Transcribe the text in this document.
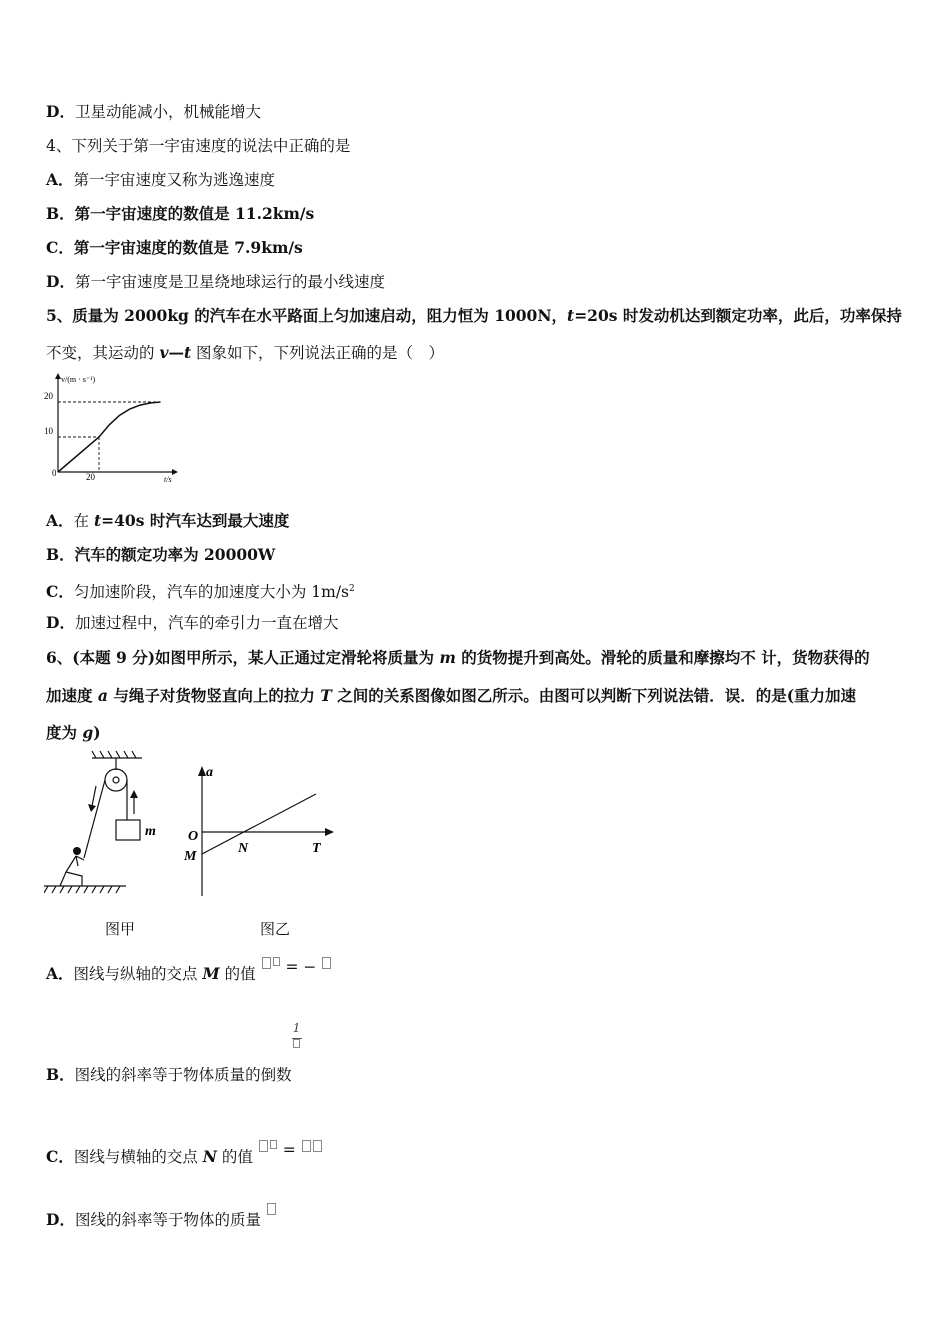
D．卫星动能减小，机械能增大
4、下列关于第一宇宙速度的说法中正确的是
A．第一宇宙速度又称为逃逸速度
B．第一宇宙速度的数值是 11.2km/s
C．第一宇宙速度的数值是 7.9km/s
D．第一宇宙速度是卫星绕地球运行的最小线速度
5、质量为 2000kg 的汽车在水平路面上匀加速启动，阻力恒为 1000N，t=20s 时发动机达到额定功率，此后，功率保持
不变，其运动的 v—t 图象如下，下列说法正确的是（　）
v/(m · s⁻¹)
t/s
0
20
10
20
A．在 t=40s 时汽车达到最大速度
B．汽车的额定功率为 20000W
C．匀加速阶段，汽车的加速度大小为 $1m/s^2$
D．加速过程中，汽车的牵引力一直在增大
6、(本题 9 分)如图甲所示，某人正通过定滑轮将质量为 m 的货物提升到高处。滑轮的质量和摩擦均不 计，货物获得的
加速度 a 与绳子对货物竖直向上的拉力 T 之间的关系图像如图乙所示。由图可以判断下列说法错．误．的是(重力加速
度为 g)
m
a
O
M
N	T
图甲	图乙
A．图线与纵轴的交点 M 的值  = −
B．图线的斜率等于物体质量的倒数
1
C．图线与横轴的交点 N 的值  =
D．图线的斜率等于物体的质量
